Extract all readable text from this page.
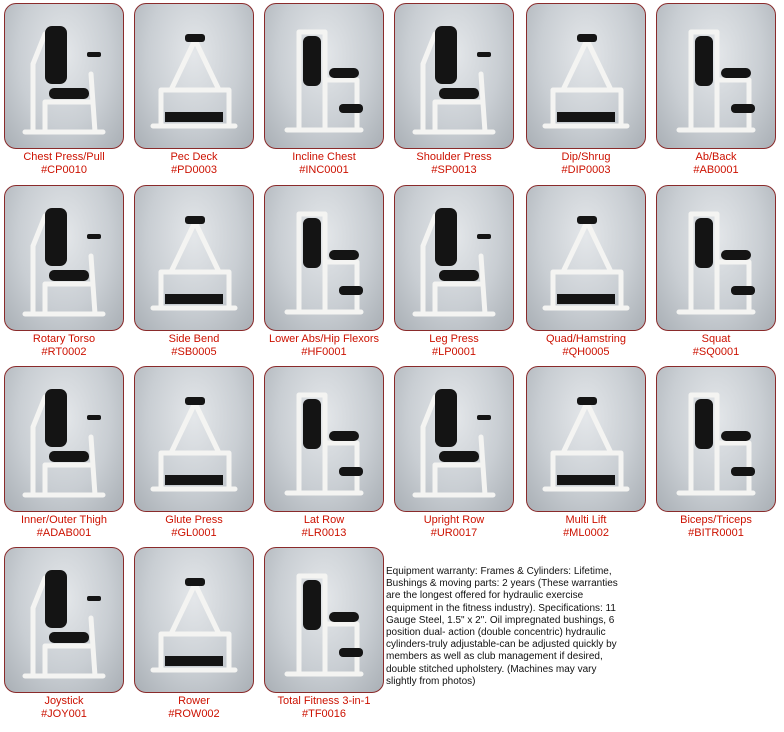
Chest Press/Pull
#CP0010
Pec Deck
#PD0003
Incline Chest
#INC0001
Shoulder Press
#SP0013
Dip/Shrug
#DIP0003
Ab/Back
#AB0001
Rotary Torso
#RT0002
Side Bend
#SB0005
Lower Abs/Hip Flexors
#HF0001
Leg Press
#LP0001
Quad/Hamstring
#QH0005
Squat
#SQ0001
Inner/Outer Thigh
#ADAB001
Glute Press
#GL0001
Lat Row
#LR0013
Upright Row
#UR0017
Multi Lift
#ML0002
Biceps/Triceps
#BITR0001
Joystick
#JOY001
Rower
#ROW002
Total Fitness 3-in-1
#TF0016
Equipment warranty: Frames & Cylinders: Lifetime, Bushings & moving parts: 2 years (These warranties are the longest offered for hydraulic exercise equipment in the fitness industry). Specifications: 11 Gauge Steel, 1.5" x 2". Oil impregnated bushings, 6 position dual- action (double concentric) hydraulic cylinders-truly adjustable-can be adjusted quickly by members as well as club management if desired, double stitched upholstery. (Machines may vary slightly from photos)
